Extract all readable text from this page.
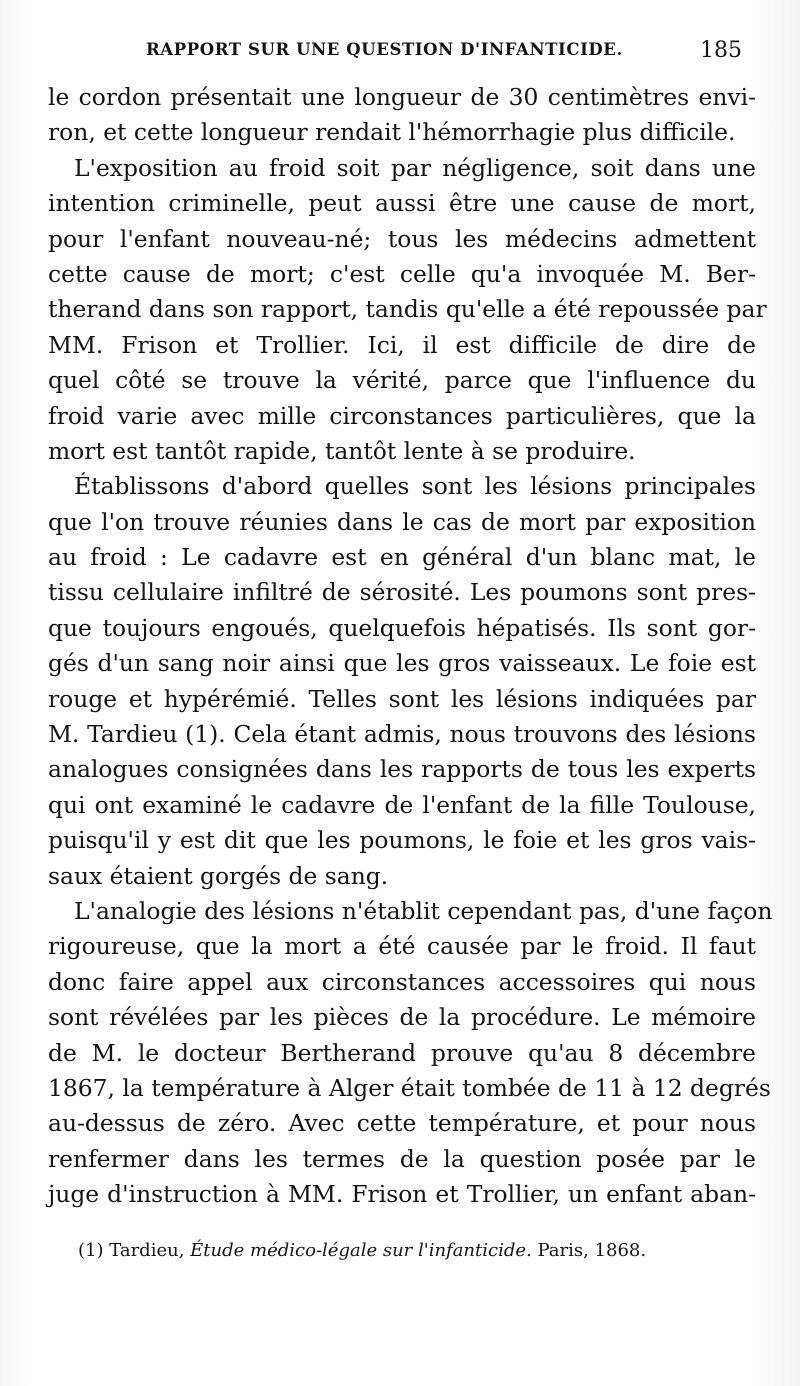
RAPPORT SUR UNE QUESTION D'INFANTICIDE.	185
le cordon présentait une longueur de 30 centimètres envi-
ron, et cette longueur rendait l'hémorrhagie plus difficile.
L'exposition au froid soit par négligence, soit dans une
intention criminelle, peut aussi être une cause de mort,
pour l'enfant nouveau-né; tous les médecins admettent
cette cause de mort; c'est celle qu'a invoquée M. Ber-
therand dans son rapport, tandis qu'elle a été repoussée par
MM. Frison et Trollier. Ici, il est difficile de dire de
quel côté se trouve la vérité, parce que l'influence du
froid varie avec mille circonstances particulières, que la
mort est tantôt rapide, tantôt lente à se produire.
Établissons d'abord quelles sont les lésions principales
que l'on trouve réunies dans le cas de mort par exposition
au froid : Le cadavre est en général d'un blanc mat, le
tissu cellulaire infiltré de sérosité. Les poumons sont pres-
que toujours engoués, quelquefois hépatisés. Ils sont gor-
gés d'un sang noir ainsi que les gros vaisseaux. Le foie est
rouge et hypérémié. Telles sont les lésions indiquées par
M. Tardieu (1). Cela étant admis, nous trouvons des lésions
analogues consignées dans les rapports de tous les experts
qui ont examiné le cadavre de l'enfant de la fille Toulouse,
puisqu'il y est dit que les poumons, le foie et les gros vais-
saux étaient gorgés de sang.
L'analogie des lésions n'établit cependant pas, d'une façon
rigoureuse, que la mort a été causée par le froid. Il faut
donc faire appel aux circonstances accessoires qui nous
sont révélées par les pièces de la procédure. Le mémoire
de M. le docteur Bertherand prouve qu'au 8 décembre
1867, la température à Alger était tombée de 11 à 12 degrés
au-dessus de zéro. Avec cette température, et pour nous
renfermer dans les termes de la question posée par le
juge d'instruction à MM. Frison et Trollier, un enfant aban-
(1) Tardieu, Étude médico-légale sur l'infanticide. Paris, 1868.
